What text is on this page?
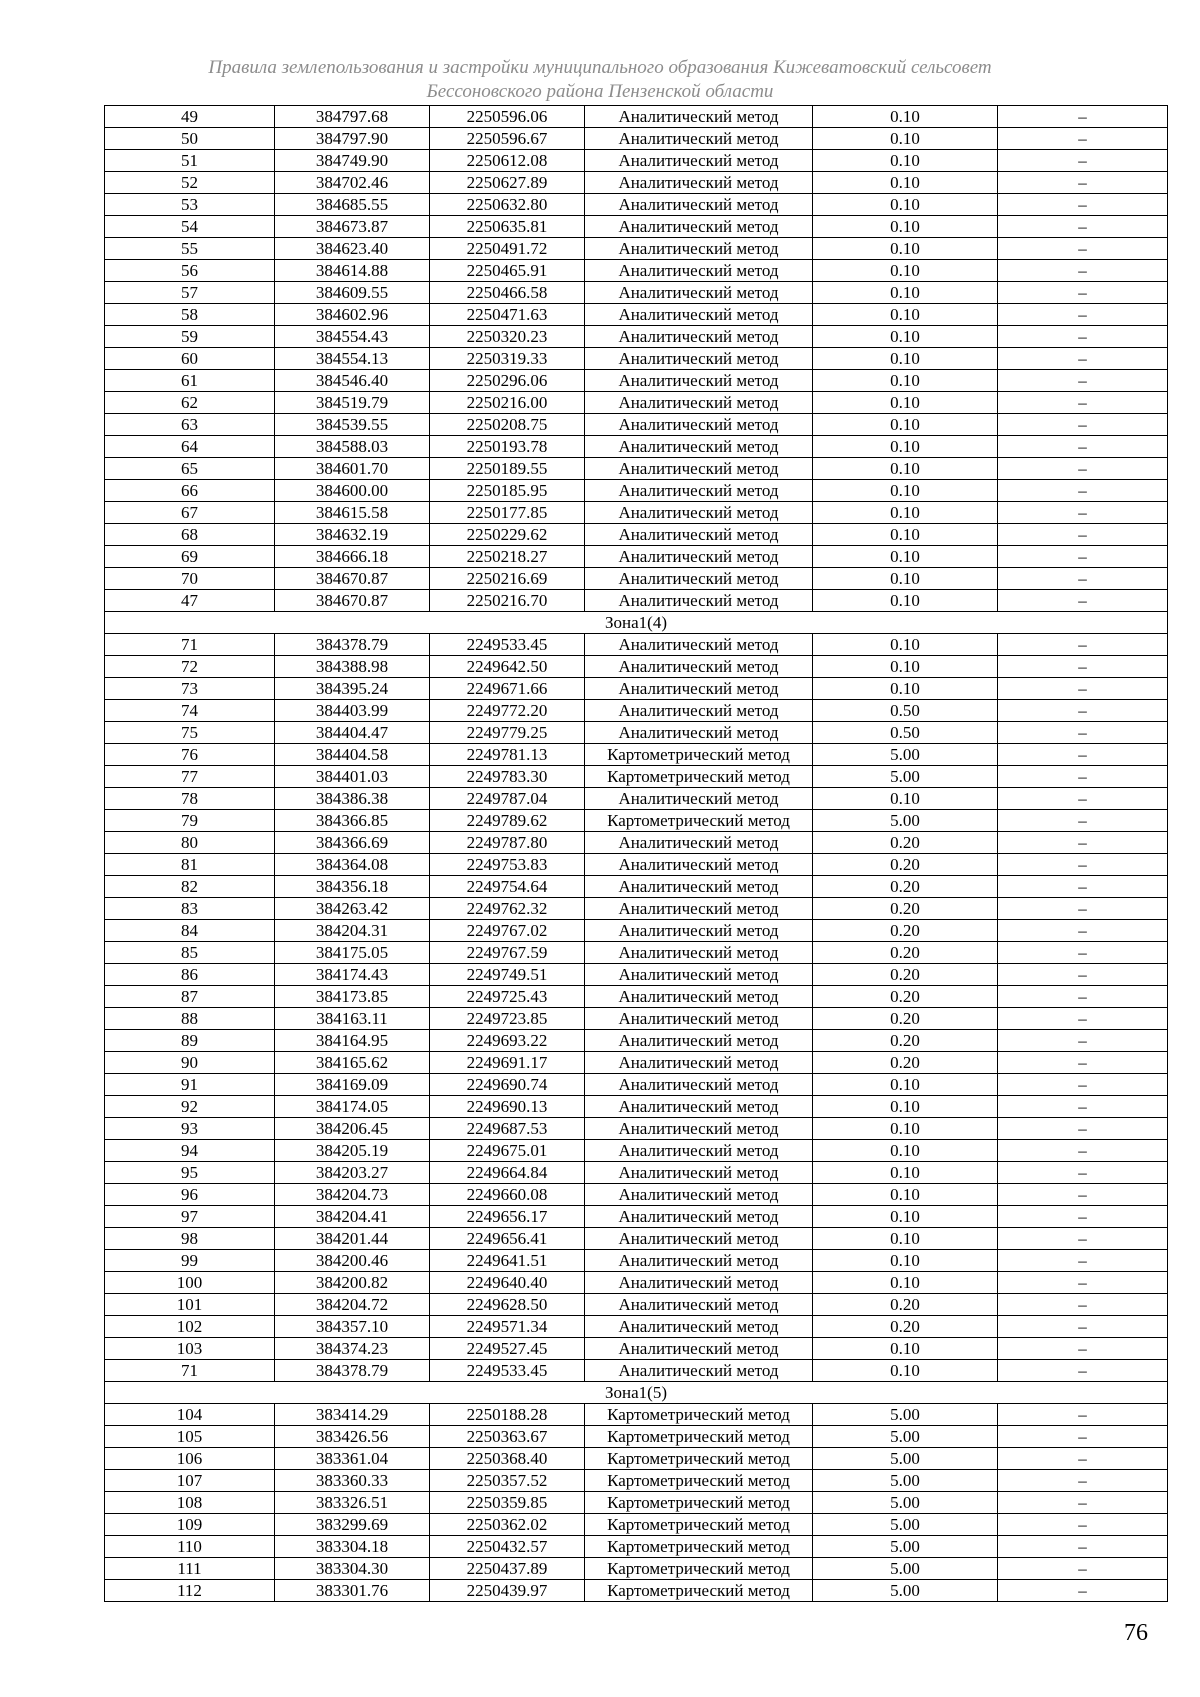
Правила землепользования и застройки муниципального образования Кижеватовский сельсовет
Бессоновского района Пензенской области
49	384797.68	2250596.06	Аналитический метод	0.10	–
50	384797.90	2250596.67	Аналитический метод	0.10	–
51	384749.90	2250612.08	Аналитический метод	0.10	–
52	384702.46	2250627.89	Аналитический метод	0.10	–
53	384685.55	2250632.80	Аналитический метод	0.10	–
54	384673.87	2250635.81	Аналитический метод	0.10	–
55	384623.40	2250491.72	Аналитический метод	0.10	–
56	384614.88	2250465.91	Аналитический метод	0.10	–
57	384609.55	2250466.58	Аналитический метод	0.10	–
58	384602.96	2250471.63	Аналитический метод	0.10	–
59	384554.43	2250320.23	Аналитический метод	0.10	–
60	384554.13	2250319.33	Аналитический метод	0.10	–
61	384546.40	2250296.06	Аналитический метод	0.10	–
62	384519.79	2250216.00	Аналитический метод	0.10	–
63	384539.55	2250208.75	Аналитический метод	0.10	–
64	384588.03	2250193.78	Аналитический метод	0.10	–
65	384601.70	2250189.55	Аналитический метод	0.10	–
66	384600.00	2250185.95	Аналитический метод	0.10	–
67	384615.58	2250177.85	Аналитический метод	0.10	–
68	384632.19	2250229.62	Аналитический метод	0.10	–
69	384666.18	2250218.27	Аналитический метод	0.10	–
70	384670.87	2250216.69	Аналитический метод	0.10	–
47	384670.87	2250216.70	Аналитический метод	0.10	–
Зона1(4)					
71	384378.79	2249533.45	Аналитический метод	0.10	–
72	384388.98	2249642.50	Аналитический метод	0.10	–
73	384395.24	2249671.66	Аналитический метод	0.10	–
74	384403.99	2249772.20	Аналитический метод	0.50	–
75	384404.47	2249779.25	Аналитический метод	0.50	–
76	384404.58	2249781.13	Картометрический метод	5.00	–
77	384401.03	2249783.30	Картометрический метод	5.00	–
78	384386.38	2249787.04	Аналитический метод	0.10	–
79	384366.85	2249789.62	Картометрический метод	5.00	–
80	384366.69	2249787.80	Аналитический метод	0.20	–
81	384364.08	2249753.83	Аналитический метод	0.20	–
82	384356.18	2249754.64	Аналитический метод	0.20	–
83	384263.42	2249762.32	Аналитический метод	0.20	–
84	384204.31	2249767.02	Аналитический метод	0.20	–
85	384175.05	2249767.59	Аналитический метод	0.20	–
86	384174.43	2249749.51	Аналитический метод	0.20	–
87	384173.85	2249725.43	Аналитический метод	0.20	–
88	384163.11	2249723.85	Аналитический метод	0.20	–
89	384164.95	2249693.22	Аналитический метод	0.20	–
90	384165.62	2249691.17	Аналитический метод	0.20	–
91	384169.09	2249690.74	Аналитический метод	0.10	–
92	384174.05	2249690.13	Аналитический метод	0.10	–
93	384206.45	2249687.53	Аналитический метод	0.10	–
94	384205.19	2249675.01	Аналитический метод	0.10	–
95	384203.27	2249664.84	Аналитический метод	0.10	–
96	384204.73	2249660.08	Аналитический метод	0.10	–
97	384204.41	2249656.17	Аналитический метод	0.10	–
98	384201.44	2249656.41	Аналитический метод	0.10	–
99	384200.46	2249641.51	Аналитический метод	0.10	–
100	384200.82	2249640.40	Аналитический метод	0.10	–
101	384204.72	2249628.50	Аналитический метод	0.20	–
102	384357.10	2249571.34	Аналитический метод	0.20	–
103	384374.23	2249527.45	Аналитический метод	0.10	–
71	384378.79	2249533.45	Аналитический метод	0.10	–
Зона1(5)					
104	383414.29	2250188.28	Картометрический метод	5.00	–
105	383426.56	2250363.67	Картометрический метод	5.00	–
106	383361.04	2250368.40	Картометрический метод	5.00	–
107	383360.33	2250357.52	Картометрический метод	5.00	–
108	383326.51	2250359.85	Картометрический метод	5.00	–
109	383299.69	2250362.02	Картометрический метод	5.00	–
110	383304.18	2250432.57	Картометрический метод	5.00	–
111	383304.30	2250437.89	Картометрический метод	5.00	–
112	383301.76	2250439.97	Картометрический метод	5.00	–
76
